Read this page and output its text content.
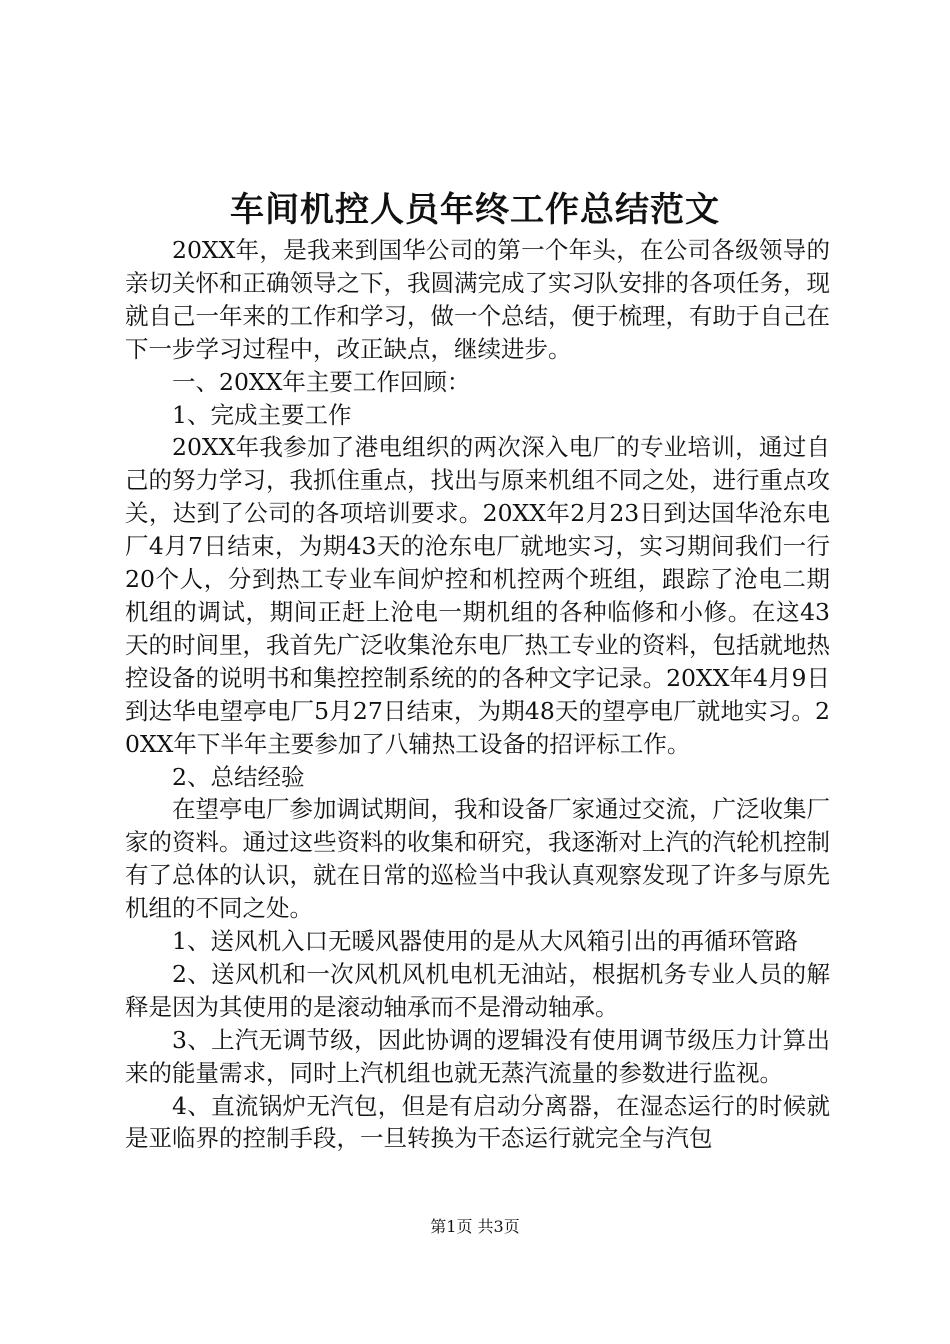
车间机控人员年终工作总结范文

20XX年，是我来到国华公司的第一个年头，在公司各级领导的亲切关怀和正确领导之下，我圆满完成了实习队安排的各项任务，现就自己一年来的工作和学习，做一个总结，便于梳理，有助于自己在下一步学习过程中，改正缺点，继续进步。

一、20XX年主要工作回顾：

1、完成主要工作

20XX年我参加了港电组织的两次深入电厂的专业培训，通过自己的努力学习，我抓住重点，找出与原来机组不同之处，进行重点攻关，达到了公司的各项培训要求。20XX年2月23日到达国华沧东电厂4月7日结束，为期43天的沧东电厂就地实习，实习期间我们一行20个人，分到热工专业车间炉控和机控两个班组，跟踪了沧电二期机组的调试，期间正赶上沧电一期机组的各种临修和小修。在这43天的时间里，我首先广泛收集沧东电厂热工专业的资料，包括就地热控设备的说明书和集控控制系统的的各种文字记录。20XX年4月9日到达华电望亭电厂5月27日结束，为期48天的望亭电厂就地实习。20XX年下半年主要参加了八辅热工设备的招评标工作。

2、总结经验

在望亭电厂参加调试期间，我和设备厂家通过交流，广泛收集厂家的资料。通过这些资料的收集和研究，我逐渐对上汽的汽轮机控制有了总体的认识，就在日常的巡检当中我认真观察发现了许多与原先机组的不同之处。

1、送风机入口无暖风器使用的是从大风箱引出的再循环管路

2、送风机和一次风机风机电机无油站，根据机务专业人员的解释是因为其使用的是滚动轴承而不是滑动轴承。

3、上汽无调节级，因此协调的逻辑没有使用调节级压力计算出来的能量需求，同时上汽机组也就无蒸汽流量的参数进行监视。

4、直流锅炉无汽包，但是有启动分离器，在湿态运行的时候就是亚临界的控制手段，一旦转换为干态运行就完全与汽包

第1页 共3页
